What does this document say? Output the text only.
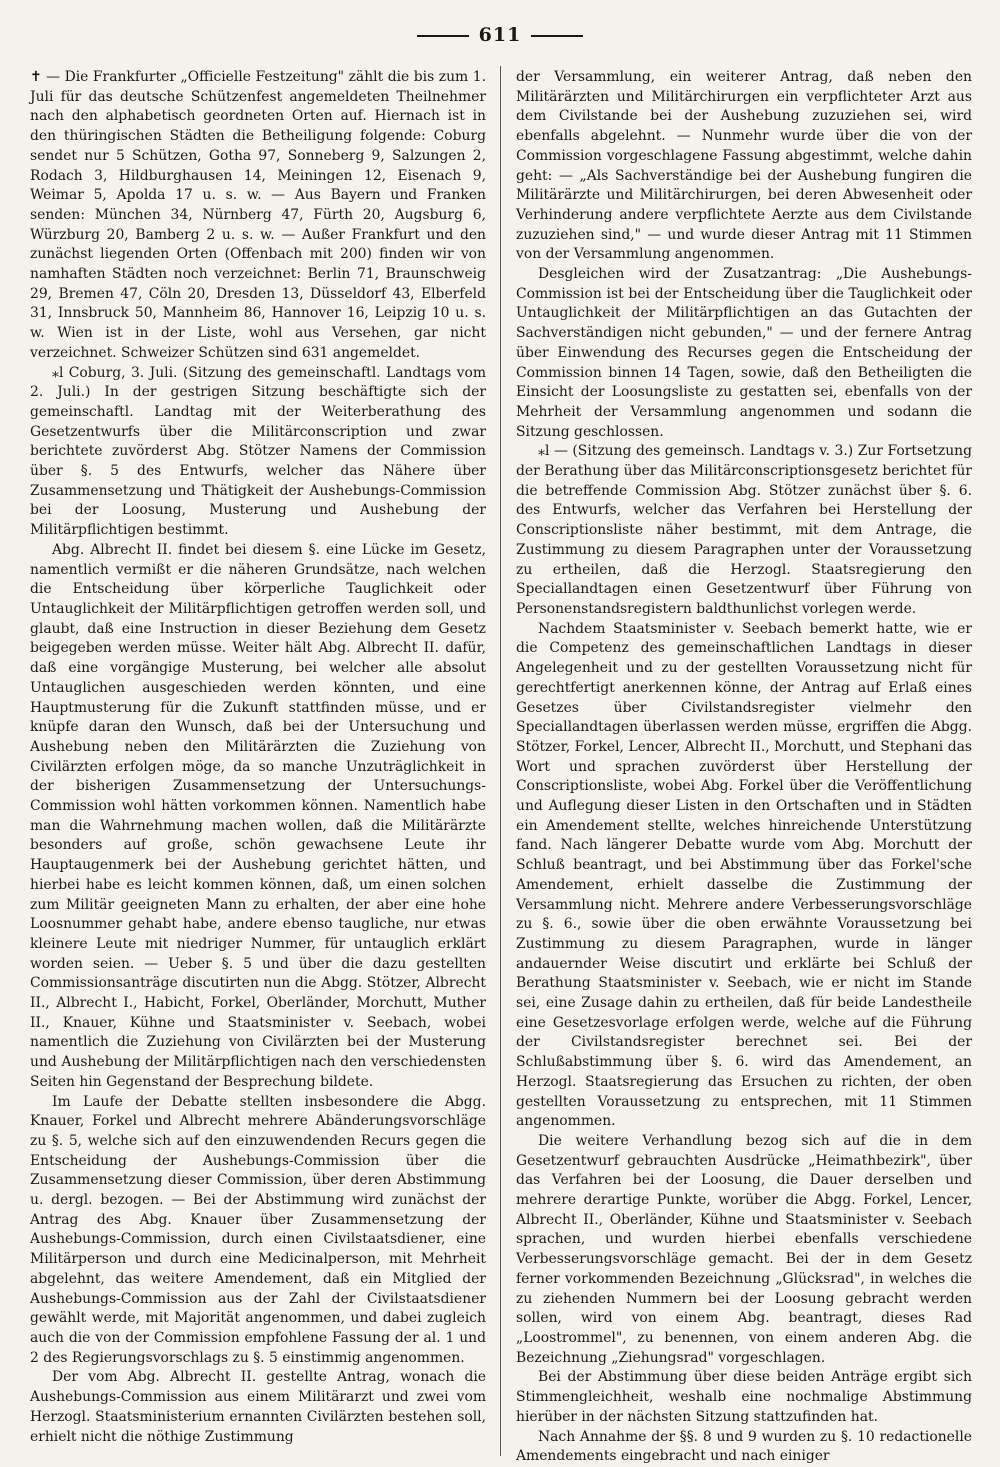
611

✝ — Die Frankfurter „Officielle Festzeitung" zählt die bis zum 1. Juli für das deutsche Schützenfest angemeldeten Theilnehmer nach den alphabetisch geordneten Orten auf. Hiernach ist in den thüringischen Städten die Betheiligung folgende: Coburg sendet nur 5 Schützen, Gotha 97, Sonneberg 9, Salzungen 2, Rodach 3, Hildburghausen 14, Meiningen 12, Eisenach 9, Weimar 5, Apolda 17 u. s. w. — Aus Bayern und Franken senden: München 34, Nürnberg 47, Fürth 20, Augsburg 6, Würzburg 20, Bamberg 2 u. s. w. — Außer Frankfurt und den zunächst liegenden Orten (Offenbach mit 200) finden wir von namhaften Städten noch verzeichnet: Berlin 71, Braunschweig 29, Bremen 47, Cöln 20, Dresden 13, Düsseldorf 43, Elberfeld 31, Innsbruck 50, Mannheim 86, Hannover 16, Leipzig 10 u. s. w. Wien ist in der Liste, wohl aus Versehen, gar nicht verzeichnet. Schweizer Schützen sind 631 angemeldet.

⁎l Coburg, 3. Juli. (Sitzung des gemeinschaftl. Landtags vom 2. Juli.) In der gestrigen Sitzung beschäftigte sich der gemeinschaftl. Landtag mit der Weiterberathung des Gesetzentwurfs über die Militärconscription und zwar berichtete zuvörderst Abg. Stötzer Namens der Commission über §. 5 des Entwurfs, welcher das Nähere über Zusammensetzung und Thätigkeit der Aushebungs-Commission bei der Loosung, Musterung und Aushebung der Militärpflichtigen bestimmt.

Abg. Albrecht II. findet bei diesem §. eine Lücke im Gesetz, namentlich vermißt er die näheren Grundsätze, nach welchen die Entscheidung über körperliche Tauglichkeit oder Untauglichkeit der Militärpflichtigen getroffen werden soll, und glaubt, daß eine Instruction in dieser Beziehung dem Gesetz beigegeben werden müsse. Weiter hält Abg. Albrecht II. dafür, daß eine vorgängige Musterung, bei welcher alle absolut Untauglichen ausgeschieden werden könnten, und eine Hauptmusterung für die Zukunft stattfinden müsse, und er knüpfe daran den Wunsch, daß bei der Untersuchung und Aushebung neben den Militärärzten die Zuziehung von Civilärzten erfolgen möge, da so manche Unzuträglichkeit in der bisherigen Zusammensetzung der Untersuchungs-Commission wohl hätten vorkommen können. Namentlich habe man die Wahrnehmung machen wollen, daß die Militärärzte besonders auf große, schön gewachsene Leute ihr Hauptaugenmerk bei der Aushebung gerichtet hätten, und hierbei habe es leicht kommen können, daß, um einen solchen zum Militär geeigneten Mann zu erhalten, der aber eine hohe Loosnummer gehabt habe, andere ebenso taugliche, nur etwas kleinere Leute mit niedriger Nummer, für untauglich erklärt worden seien. — Ueber §. 5 und über die dazu gestellten Commissionsanträge discutirten nun die Abgg. Stötzer, Albrecht II., Albrecht I., Habicht, Forkel, Oberländer, Morchutt, Muther II., Knauer, Kühne und Staatsminister v. Seebach, wobei namentlich die Zuziehung von Civilärzten bei der Musterung und Aushebung der Militärpflichtigen nach den verschiedensten Seiten hin Gegenstand der Besprechung bildete.

Im Laufe der Debatte stellten insbesondere die Abgg. Knauer, Forkel und Albrecht mehrere Abänderungsvorschläge zu §. 5, welche sich auf den einzuwendenden Recurs gegen die Entscheidung der Aushebungs-Commission über die Zusammensetzung dieser Commission, über deren Abstimmung u. dergl. bezogen. — Bei der Abstimmung wird zunächst der Antrag des Abg. Knauer über Zusammensetzung der Aushebungs-Commission, durch einen Civilstaatsdiener, eine Militärperson und durch eine Medicinalperson, mit Mehrheit abgelehnt, das weitere Amendement, daß ein Mitglied der Aushebungs-Commission aus der Zahl der Civilstaatsdiener gewählt werde, mit Majorität angenommen, und dabei zugleich auch die von der Commission empfohlene Fassung der al. 1 und 2 des Regierungsvorschlags zu §. 5 einstimmig angenommen.

Der vom Abg. Albrecht II. gestellte Antrag, wonach die Aushebungs-Commission aus einem Militärarzt und zwei vom Herzogl. Staatsministerium ernannten Civilärzten bestehen soll, erhielt nicht die nöthige Zustimmung

der Versammlung, ein weiterer Antrag, daß neben den Militärärzten und Militärchirurgen ein verpflichteter Arzt aus dem Civilstande bei der Aushebung zuzuziehen sei, wird ebenfalls abgelehnt. — Nunmehr wurde über die von der Commission vorgeschlagene Fassung abgestimmt, welche dahin geht: — „Als Sachverständige bei der Aushebung fungiren die Militärärzte und Militärchirurgen, bei deren Abwesenheit oder Verhinderung andere verpflichtete Aerzte aus dem Civilstande zuzuziehen sind," — und wurde dieser Antrag mit 11 Stimmen von der Versammlung angenommen.

Desgleichen wird der Zusatzantrag: „Die Aushebungs-Commission ist bei der Entscheidung über die Tauglichkeit oder Untauglichkeit der Militärpflichtigen an das Gutachten der Sachverständigen nicht gebunden," — und der fernere Antrag über Einwendung des Recurses gegen die Entscheidung der Commission binnen 14 Tagen, sowie, daß den Betheiligten die Einsicht der Loosungsliste zu gestatten sei, ebenfalls von der Mehrheit der Versammlung angenommen und sodann die Sitzung geschlossen.

⁎l — (Sitzung des gemeinsch. Landtags v. 3.) Zur Fortsetzung der Berathung über das Militärconscriptionsgesetz berichtet für die betreffende Commission Abg. Stötzer zunächst über §. 6. des Entwurfs, welcher das Verfahren bei Herstellung der Conscriptionsliste näher bestimmt, mit dem Antrage, die Zustimmung zu diesem Paragraphen unter der Voraussetzung zu ertheilen, daß die Herzogl. Staatsregierung den Speciallandtagen einen Gesetzentwurf über Führung von Personenstandsregistern baldthunlichst vorlegen werde.

Nachdem Staatsminister v. Seebach bemerkt hatte, wie er die Competenz des gemeinschaftlichen Landtags in dieser Angelegenheit und zu der gestellten Voraussetzung nicht für gerechtfertigt anerkennen könne, der Antrag auf Erlaß eines Gesetzes über Civilstandsregister vielmehr den Speciallandtagen überlassen werden müsse, ergriffen die Abgg. Stötzer, Forkel, Lencer, Albrecht II., Morchutt, und Stephani das Wort und sprachen zuvörderst über Herstellung der Conscriptionsliste, wobei Abg. Forkel über die Veröffentlichung und Auflegung dieser Listen in den Ortschaften und in Städten ein Amendement stellte, welches hinreichende Unterstützung fand. Nach längerer Debatte wurde vom Abg. Morchutt der Schluß beantragt, und bei Abstimmung über das Forkel'sche Amendement, erhielt dasselbe die Zustimmung der Versammlung nicht. Mehrere andere Verbesserungsvorschläge zu §. 6., sowie über die oben erwähnte Voraussetzung bei Zustimmung zu diesem Paragraphen, wurde in länger andauernder Weise discutirt und erklärte bei Schluß der Berathung Staatsminister v. Seebach, wie er nicht im Stande sei, eine Zusage dahin zu ertheilen, daß für beide Landestheile eine Gesetzesvorlage erfolgen werde, welche auf die Führung der Civilstandsregister berechnet sei. Bei der Schlußabstimmung über §. 6. wird das Amendement, an Herzogl. Staatsregierung das Ersuchen zu richten, der oben gestellten Voraussetzung zu entsprechen, mit 11 Stimmen angenommen.

Die weitere Verhandlung bezog sich auf die in dem Gesetzentwurf gebrauchten Ausdrücke „Heimathbezirk", über das Verfahren bei der Loosung, die Dauer derselben und mehrere derartige Punkte, worüber die Abgg. Forkel, Lencer, Albrecht II., Oberländer, Kühne und Staatsminister v. Seebach sprachen, und wurden hierbei ebenfalls verschiedene Verbesserungsvorschläge gemacht. Bei der in dem Gesetz ferner vorkommenden Bezeichnung „Glücksrad", in welches die zu ziehenden Nummern bei der Loosung gebracht werden sollen, wird von einem Abg. beantragt, dieses Rad „Loostrommel", zu benennen, von einem anderen Abg. die Bezeichnung „Ziehungsrad" vorgeschlagen.

Bei der Abstimmung über diese beiden Anträge ergibt sich Stimmengleichheit, weshalb eine nochmalige Abstimmung hierüber in der nächsten Sitzung stattzufinden hat.

Nach Annahme der §§. 8 und 9 wurden zu §. 10 redactionelle Amendements eingebracht und nach einiger
